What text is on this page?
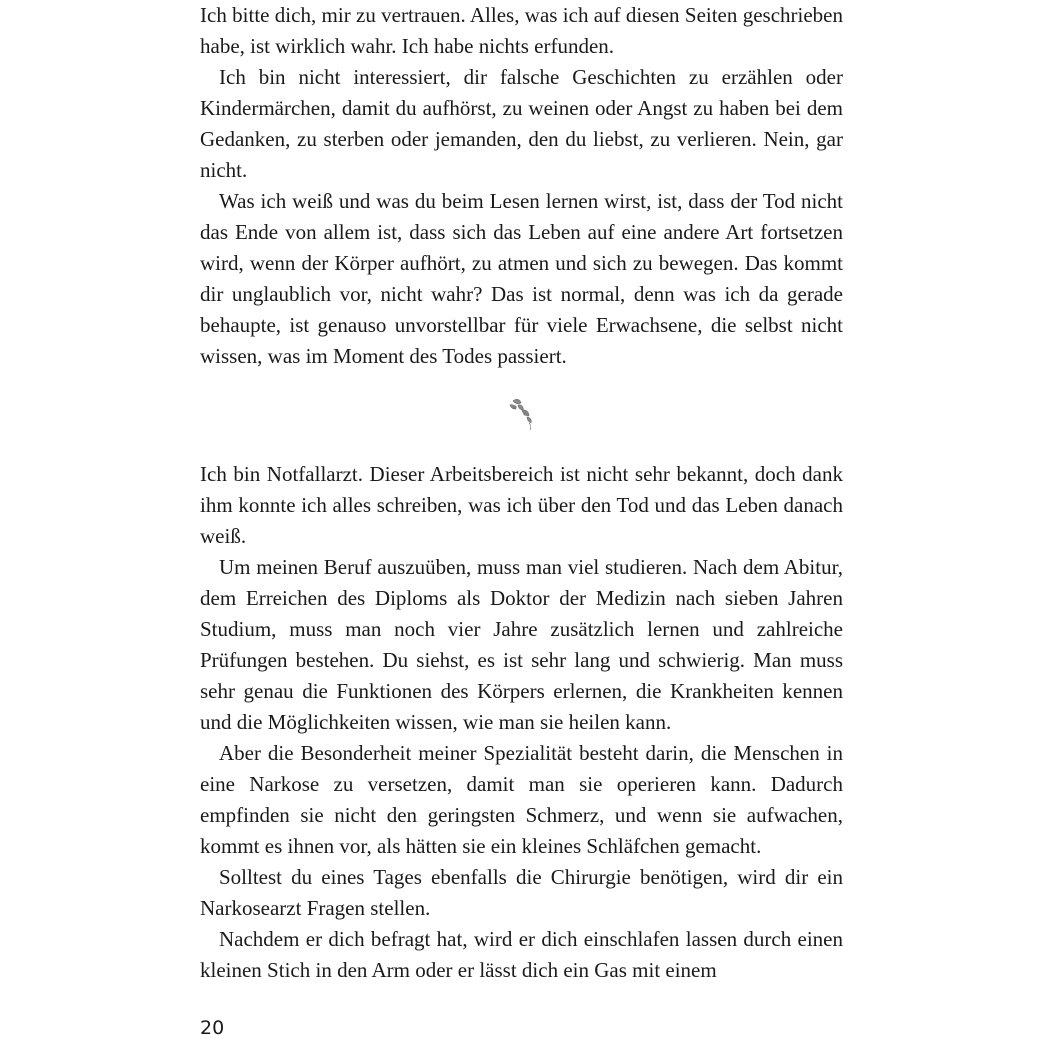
Ich bitte dich, mir zu vertrauen. Alles, was ich auf diesen Seiten geschrieben habe, ist wirklich wahr. Ich habe nichts erfunden.

Ich bin nicht interessiert, dir falsche Geschichten zu erzählen oder Kindermärchen, damit du aufhörst, zu weinen oder Angst zu haben bei dem Gedanken, zu sterben oder jemanden, den du liebst, zu verlieren. Nein, gar nicht.

Was ich weiß und was du beim Lesen lernen wirst, ist, dass der Tod nicht das Ende von allem ist, dass sich das Leben auf eine andere Art fortsetzen wird, wenn der Körper aufhört, zu atmen und sich zu bewegen. Das kommt dir unglaublich vor, nicht wahr? Das ist normal, denn was ich da gerade behaupte, ist genauso unvorstellbar für viele Erwachsene, die selbst nicht wissen, was im Moment des Todes passiert.

Ich bin Notfallarzt. Dieser Arbeitsbereich ist nicht sehr bekannt, doch dank ihm konnte ich alles schreiben, was ich über den Tod und das Leben danach weiß.

Um meinen Beruf auszuüben, muss man viel studieren. Nach dem Abitur, dem Erreichen des Diploms als Doktor der Medizin nach sieben Jahren Studium, muss man noch vier Jahre zusätzlich lernen und zahlreiche Prüfungen bestehen. Du siehst, es ist sehr lang und schwierig. Man muss sehr genau die Funktionen des Körpers erlernen, die Krankheiten kennen und die Möglichkeiten wissen, wie man sie heilen kann.

Aber die Besonderheit meiner Spezialität besteht darin, die Menschen in eine Narkose zu versetzen, damit man sie operieren kann. Dadurch empfinden sie nicht den geringsten Schmerz, und wenn sie aufwachen, kommt es ihnen vor, als hätten sie ein kleines Schläfchen gemacht.

Solltest du eines Tages ebenfalls die Chirurgie benötigen, wird dir ein Narkosearzt Fragen stellen.

Nachdem er dich befragt hat, wird er dich einschlafen lassen durch einen kleinen Stich in den Arm oder er lässt dich ein Gas mit einem

20
